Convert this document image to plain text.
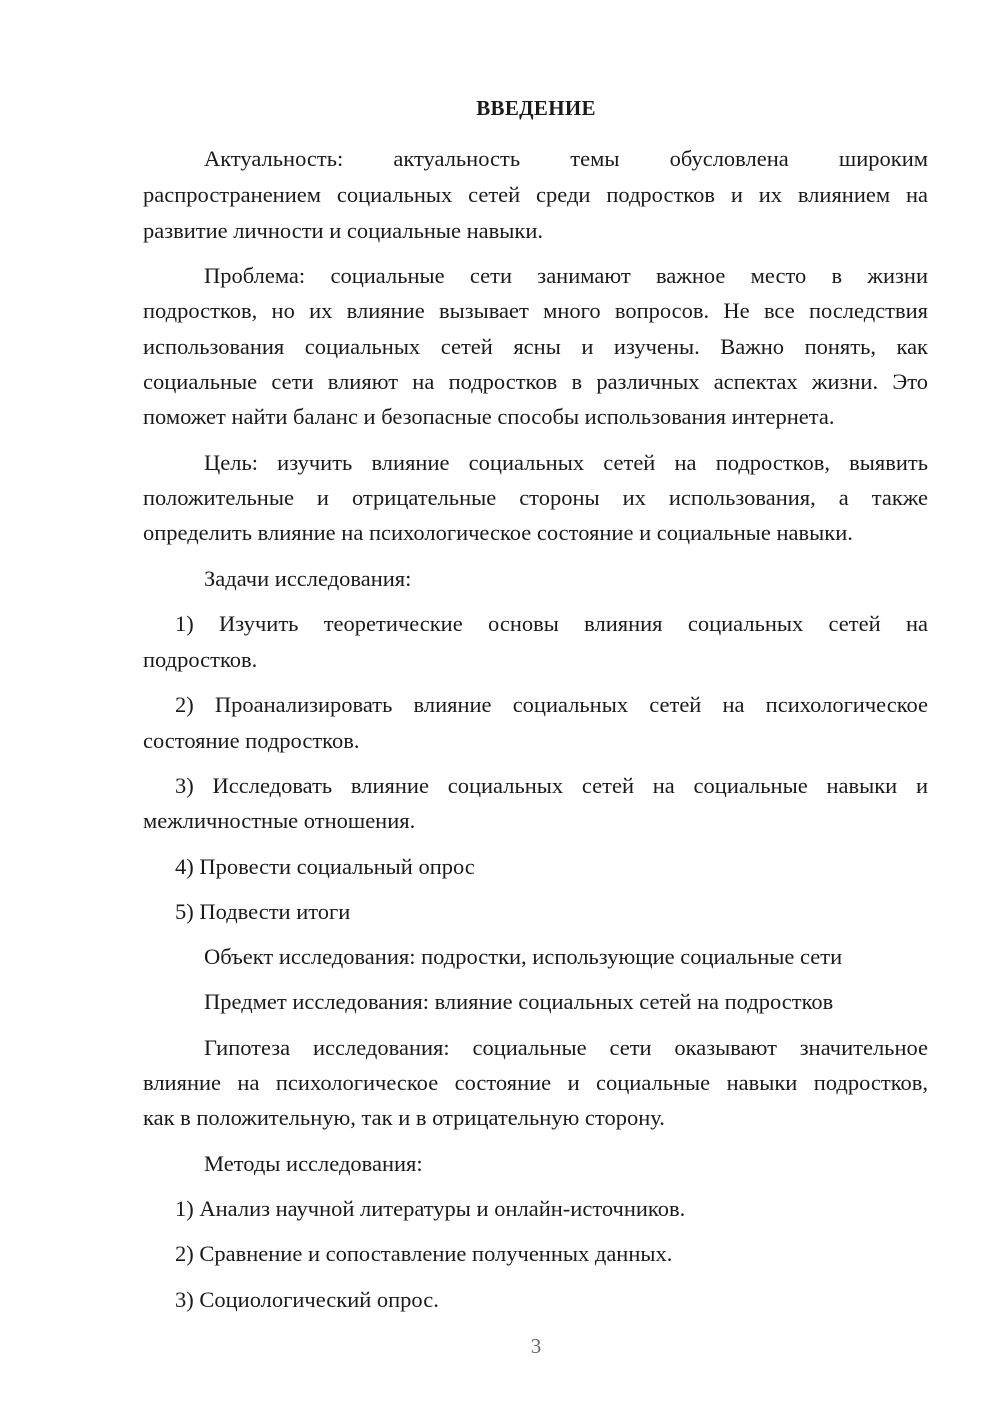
ВВЕДЕНИЕ
Актуальность: актуальность темы обусловлена широким
распространением социальных сетей среди подростков и их влиянием на
развитие личности и социальные навыки.
Проблема: социальные сети занимают важное место в жизни
подростков, но их влияние вызывает много вопросов. Не все последствия
использования социальных сетей ясны и изучены. Важно понять, как
социальные сети влияют на подростков в различных аспектах жизни. Это
поможет найти баланс и безопасные способы использования интернета.
Цель: изучить влияние социальных сетей на подростков, выявить
положительные и отрицательные стороны их использования, а также
определить влияние на психологическое состояние и социальные навыки.
Задачи исследования:
1) Изучить теоретические основы влияния социальных сетей на
подростков.
2) Проанализировать влияние социальных сетей на психологическое
состояние подростков.
3) Исследовать влияние социальных сетей на социальные навыки и
межличностные отношения.
4) Провести социальный опрос
5) Подвести итоги
Объект исследования: подростки, использующие социальные сети
Предмет исследования: влияние социальных сетей на подростков
Гипотеза исследования: социальные сети оказывают значительное
влияние на психологическое состояние и социальные навыки подростков,
как в положительную, так и в отрицательную сторону.
Методы исследования:
1) Анализ научной литературы и онлайн-источников.
2) Сравнение и сопоставление полученных данных.
3) Социологический опрос.
3
